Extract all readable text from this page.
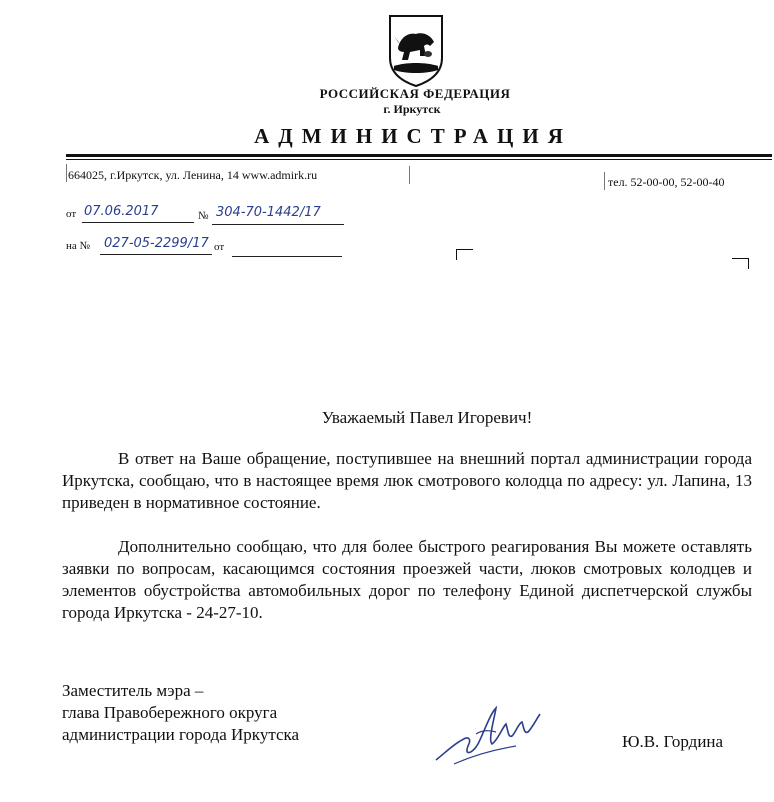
РОССИЙСКАЯ ФЕДЕРАЦИЯ
г. Иркутск
АДМИНИСТРАЦИЯ
664025, г.Иркутск, ул. Ленина, 14 www.admirk.ru	тел. 52-00-00, 52-00-40
от 07.06.2017	№ 304-70-1442/17
на № 027-05-2299/17 от
Уважаемый Павел Игоревич!
В ответ на Ваше обращение, поступившее на внешний портал администрации города Иркутска, сообщаю, что в настоящее время люк смотрового колодца по адресу: ул. Лапина, 13 приведен в нормативное состояние.
Дополнительно сообщаю, что для более быстрого реагирования Вы можете оставлять заявки по вопросам, касающимся состояния проезжей части, люков смотровых колодцев и элементов обустройства автомобильных дорог по телефону Единой диспетчерской службы города Иркутска - 24-27-10.
Заместитель мэра –
глава Правобережного округа
администрации города Иркутска	Ю.В. Гордина
